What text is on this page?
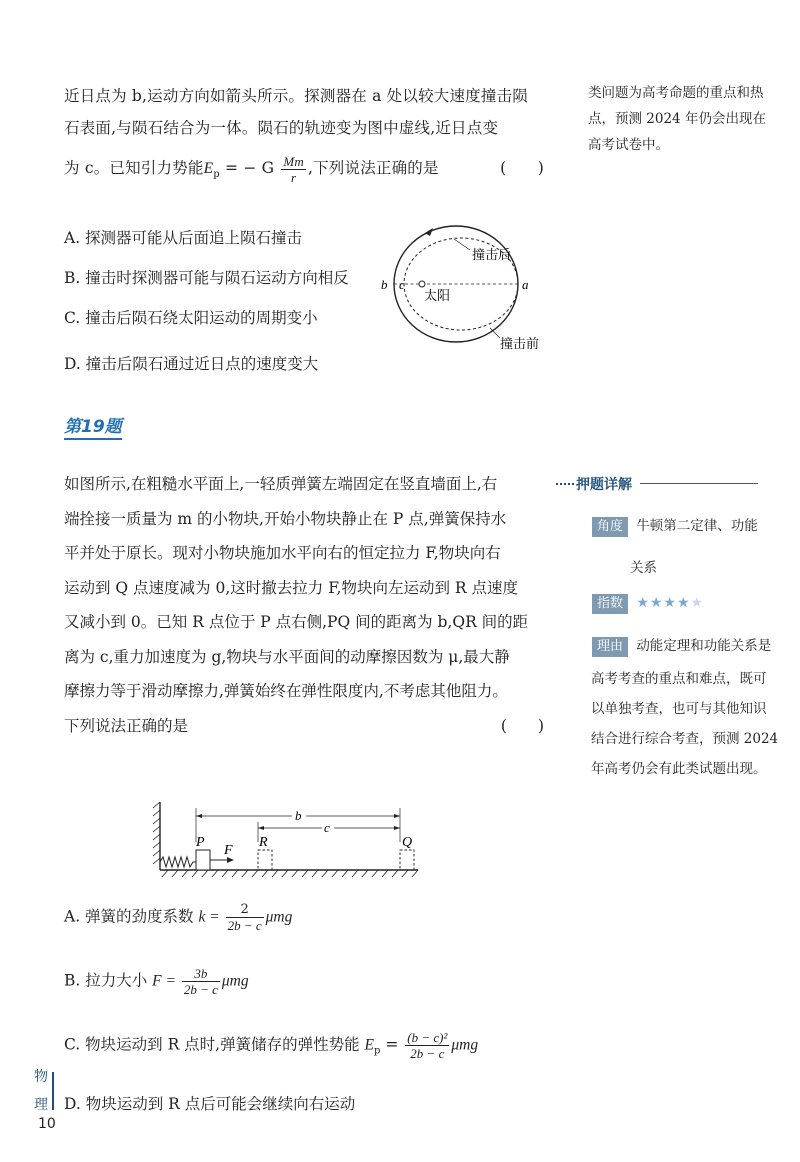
近日点为 b,运动方向如箭头所示。探测器在 a 处以较大速度撞击陨
石表面,与陨石结合为一体。陨石的轨迹变为图中虚线,近日点变
为 c。已知引力势能$E_p$ = − G $\frac{Mm}{r}$ ,下列说法正确的是	(　　)
类问题为高考命题的重点和热
点，预测 2024 年仍会出现在
高考试卷中。
A. 探测器可能从后面追上陨石撞击
B. 撞击时探测器可能与陨石运动方向相反
C. 撞击后陨石绕太阳运动的周期变小
D. 撞击后陨石通过近日点的速度变大
撞击后
太阳
b c	a
撞击前
第19题
如图所示,在粗糙水平面上,一轻质弹簧左端固定在竖直墙面上,右
端拴接一质量为 m 的小物块,开始小物块静止在 P 点,弹簧保持水
平并处于原长。现对小物块施加水平向右的恒定拉力 F,物块向右
运动到 Q 点速度减为 0,这时撤去拉力 F,物块向左运动到 R 点速度
又减小到 0。已知 R 点位于 P 点右侧,PQ 间的距离为 b,QR 间的距
离为 c,重力加速度为 g,物块与水平面间的动摩擦因数为 μ,最大静
摩擦力等于滑动摩擦力,弹簧始终在弹性限度内,不考虑其他阻力。
下列说法正确的是	(　　)
押题详解
角度 牛顿第二定律、功能
关系
指数 ★★★★★
理由 动能定理和功能关系是
高考考查的重点和难点，既可
以单独考查，也可与其他知识
结合进行综合考查，预测 2024
年高考仍会有此类试题出现。
F
P	R	Q
b
c
A. 弹簧的劲度系数 $k = \frac{2}{2b - c}$ μmg
B. 拉力大小 $F = \frac{3b}{2b - c}$ μmg
C. 物块运动到 R 点时,弹簧储存的弹性势能 $E_p = \frac{\text{(b − c)²}}{2b - c}$ μmg
D. 物块运动到 R 点后可能会继续向右运动
物
理
10
